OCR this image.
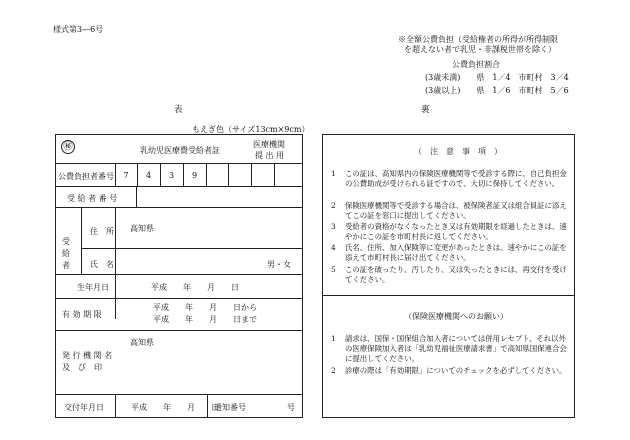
様式第3―6号
※全額公費負担（受給権者の所得が所得制限
を超えない者で乳児・非課税世帯を除く）
公費負担割合
(3歳未満)　　県　1／4　市町村　3／4
(3歳以上)　　県　1／6　市町村　5／6
表	裏
もえぎ色（サイズ13cm×9cm）
㊙	乳幼児医療費受給者証
医療機関
提 出 用
公費負担者番号	7	4	3	9
受 給 者 番 号
受
給
者
住　所 高知県
氏　名	男・女
生年月日	平成　　年　　月　　日
有 効 期 限
平成　　年　　月　　日から
平成　　年　　月　　日まで
発 行 機 関 名
及　び　印
高知県
交付年月日	平成　　年　　月　　日
通知番号	号
（　注　意　事　項　）
1 この証は、高知県内の保険医療機関等で受診する際に、自己負担金の公費助成が受けられる証ですので、大切に保持してください。
2 保険医療機関等で受診する場合は、被保険者証又は組合員証に添えてこの証を窓口に提出してください。
3 受給者の資格がなくなったとき又は有効期限を経過したときは、速やかにこの証を市町村長に返してください。
4 氏名、住所、加入保険等に変更があったときは、速やかにこの証を添えて市町村長に届け出てください。
5 この証を破ったり、汚したり、又は失ったときには、再交付を受けてください。
（保険医療機関へのお願い）
1 請求は、国保・国保組合加入者については併用レセプト、それ以外の医療保険加入者は「乳幼児福祉医療請求書」で高知県国保連合会に提出してください。
2 診療の際は「有効期限」についてのチェックを必ずしてください。
